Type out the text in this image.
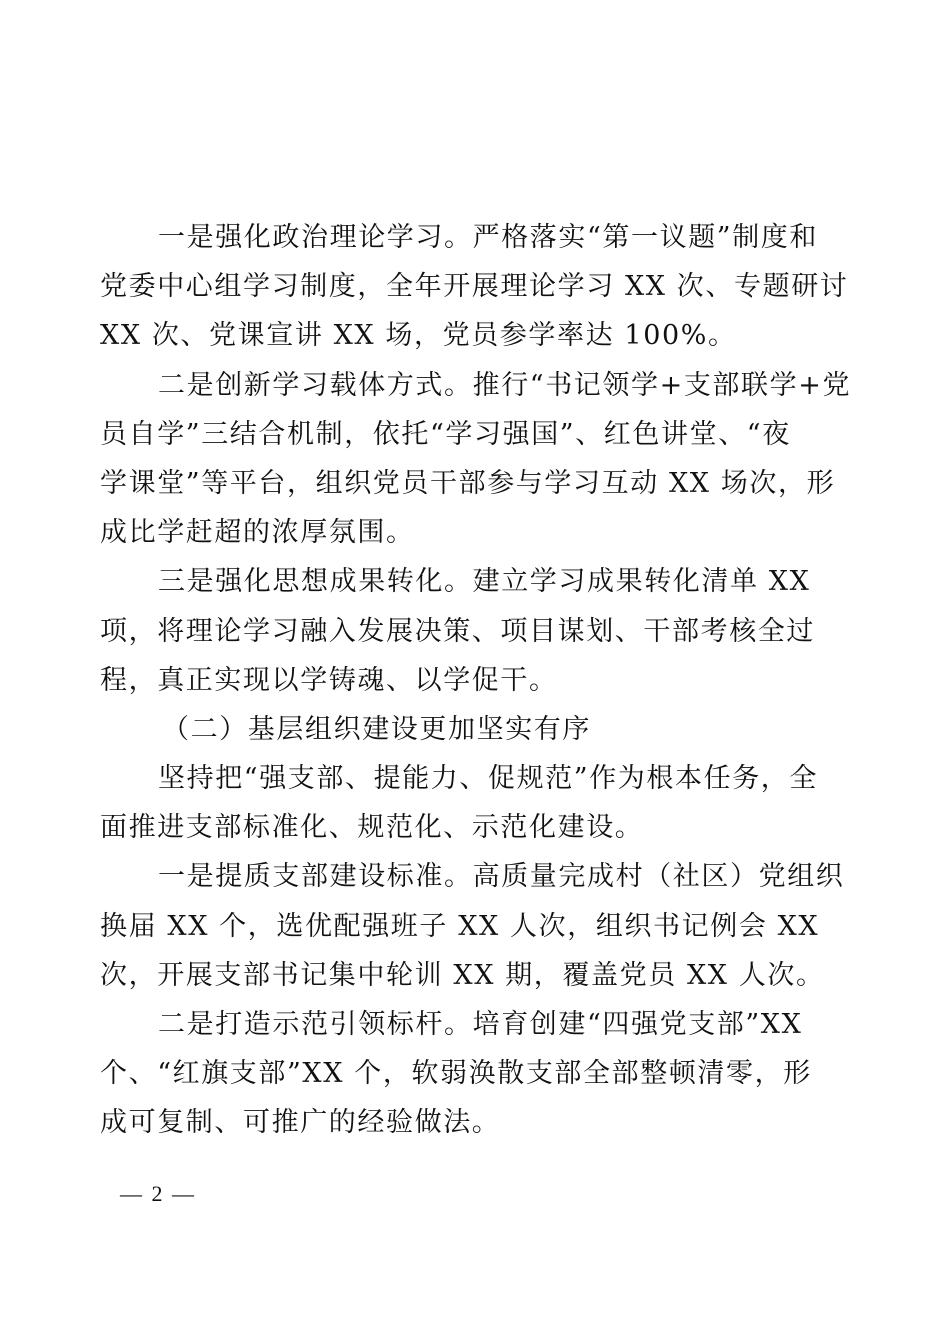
一是强化政治理论学习。严格落实“第一议题”制度和
党委中心组学习制度，全年开展理论学习 XX 次、专题研讨
XX 次、党课宣讲 XX 场，党员参学率达 100%。
二是创新学习载体方式。推行“书记领学+支部联学+党
员自学”三结合机制，依托“学习强国”、红色讲堂、“夜
学课堂”等平台，组织党员干部参与学习互动 XX 场次，形
成比学赶超的浓厚氛围。
三是强化思想成果转化。建立学习成果转化清单 XX
项，将理论学习融入发展决策、项目谋划、干部考核全过
程，真正实现以学铸魂、以学促干。
（二）基层组织建设更加坚实有序
坚持把“强支部、提能力、促规范”作为根本任务，全
面推进支部标准化、规范化、示范化建设。
一是提质支部建设标准。高质量完成村（社区）党组织
换届 XX 个，选优配强班子 XX 人次，组织书记例会 XX
次，开展支部书记集中轮训 XX 期，覆盖党员 XX 人次。
二是打造示范引领标杆。培育创建“四强党支部”XX
个、“红旗支部”XX 个，软弱涣散支部全部整顿清零，形
成可复制、可推广的经验做法。
— 2 —
